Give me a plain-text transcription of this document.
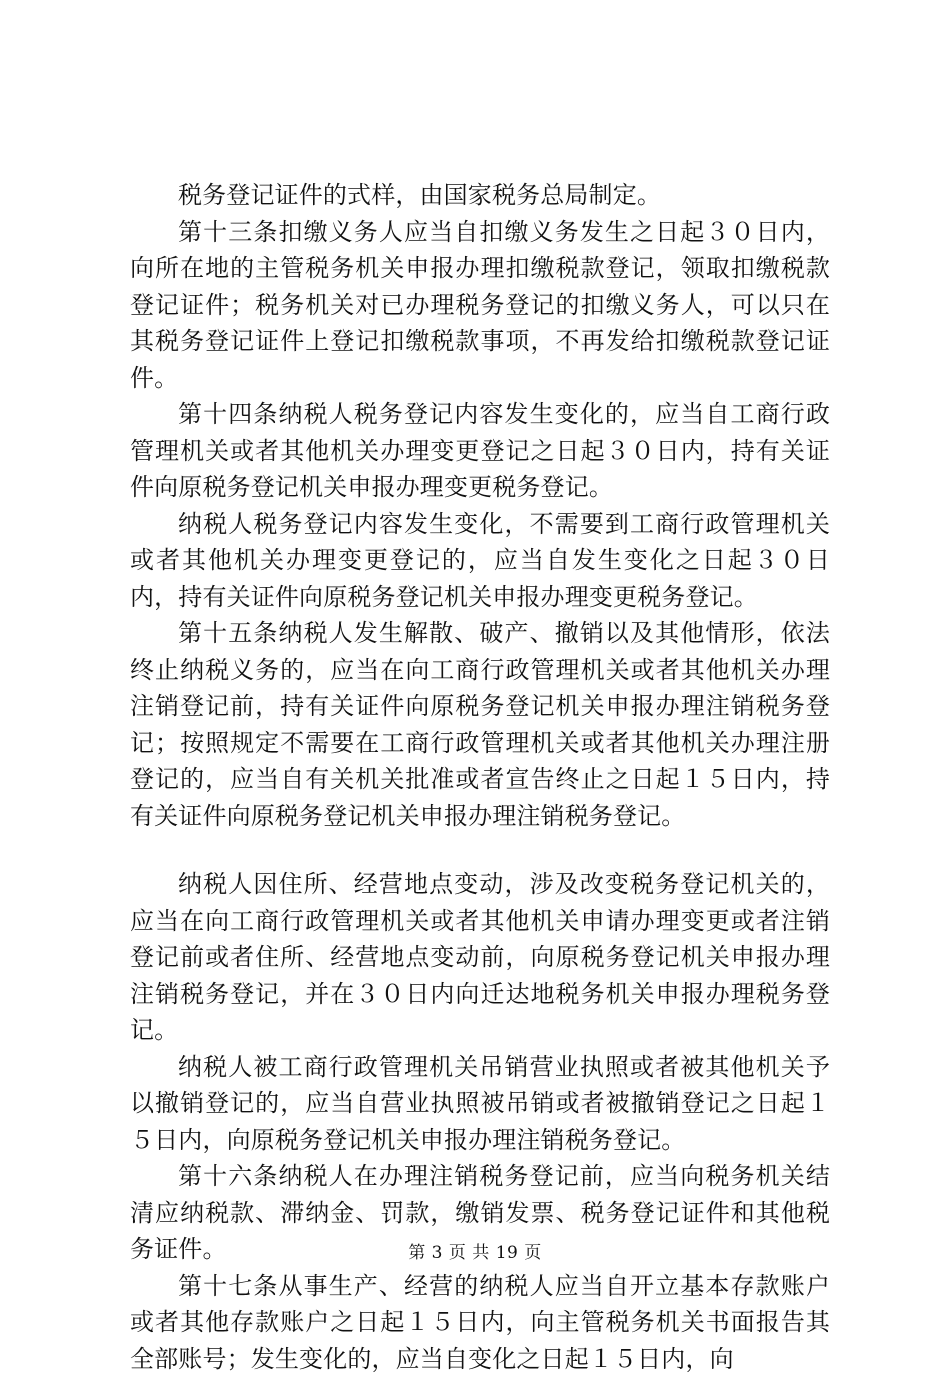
税务登记证件的式样，由国家税务总局制定。

第十三条扣缴义务人应当自扣缴义务发生之日起３０日内，向所在地的主管税务机关申报办理扣缴税款登记，领取扣缴税款登记证件；税务机关对已办理税务登记的扣缴义务人，可以只在其税务登记证件上登记扣缴税款事项，不再发给扣缴税款登记证件。

第十四条纳税人税务登记内容发生变化的，应当自工商行政管理机关或者其他机关办理变更登记之日起３０日内，持有关证件向原税务登记机关申报办理变更税务登记。

纳税人税务登记内容发生变化，不需要到工商行政管理机关或者其他机关办理变更登记的，应当自发生变化之日起３０日内，持有关证件向原税务登记机关申报办理变更税务登记。

第十五条纳税人发生解散、破产、撤销以及其他情形，依法终止纳税义务的，应当在向工商行政管理机关或者其他机关办理注销登记前，持有关证件向原税务登记机关申报办理注销税务登记；按照规定不需要在工商行政管理机关或者其他机关办理注册登记的，应当自有关机关批准或者宣告终止之日起１５日内，持有关证件向原税务登记机关申报办理注销税务登记。

纳税人因住所、经营地点变动，涉及改变税务登记机关的，应当在向工商行政管理机关或者其他机关申请办理变更或者注销登记前或者住所、经营地点变动前，向原税务登记机关申报办理注销税务登记，并在３０日内向迁达地税务机关申报办理税务登记。

纳税人被工商行政管理机关吊销营业执照或者被其他机关予以撤销登记的，应当自营业执照被吊销或者被撤销登记之日起１５日内，向原税务登记机关申报办理注销税务登记。

第十六条纳税人在办理注销税务登记前，应当向税务机关结清应纳税款、滞纳金、罚款，缴销发票、税务登记证件和其他税务证件。

第十七条从事生产、经营的纳税人应当自开立基本存款账户或者其他存款账户之日起１５日内，向主管税务机关书面报告其全部账号；发生变化的，应当自变化之日起１５日内，向

第 3 页 共 19 页
